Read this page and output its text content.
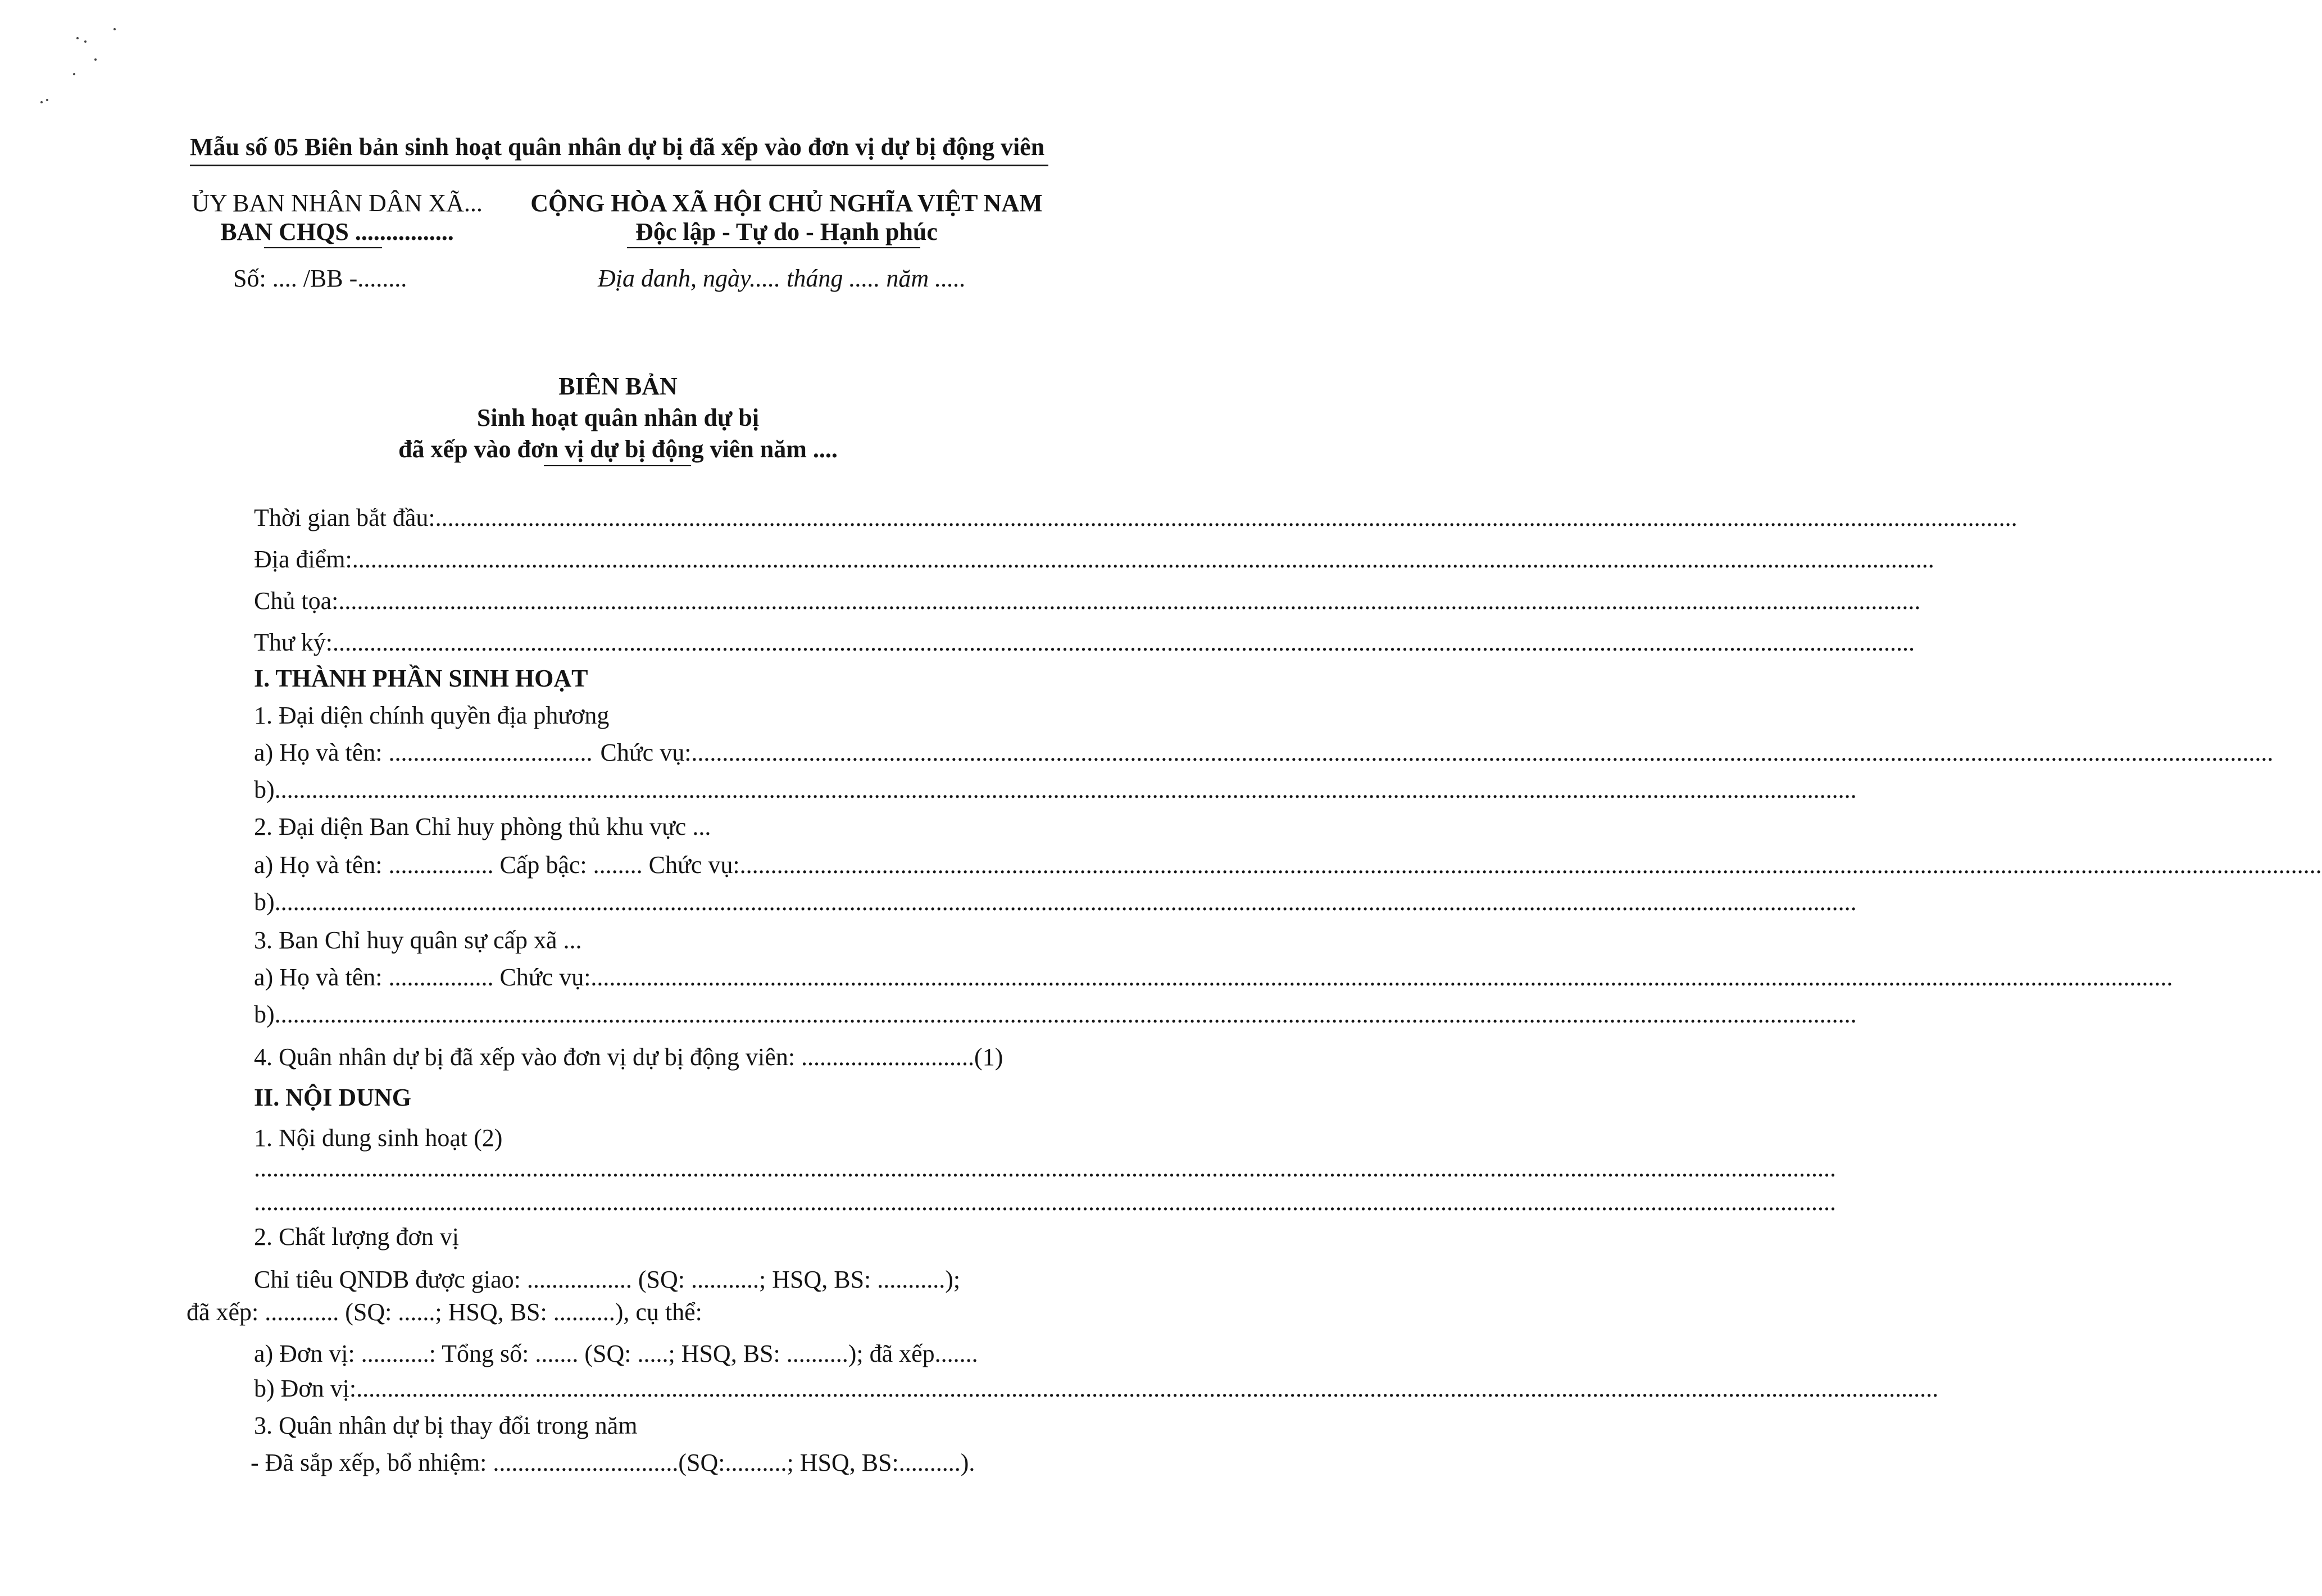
Mẫu số 05 Biên bản sinh hoạt quân nhân dự bị đã xếp vào đơn vị dự bị động viên
ỦY BAN NHÂN DÂN XÃ...
BAN CHQS ................
Số: .... /BB -........
CỘNG HÒA XÃ HỘI CHỦ NGHĨA VIỆT NAM
Độc lập - Tự do - Hạnh phúc
Địa danh, ngày..... tháng ..... năm .....
BIÊN BẢN
Sinh hoạt quân nhân dự bị
đã xếp vào đơn vị dự bị động viên năm ....
Thời gian bắt đầu: ................................................................................................................................................................................................................................................................
Địa điểm: ................................................................................................................................................................................................................................................................
Chủ tọa: ................................................................................................................................................................................................................................................................
Thư ký: ................................................................................................................................................................................................................................................................
I. THÀNH PHẦN SINH HOẠT
1. Đại diện chính quyền địa phương
a) Họ và tên: ................................. Chức vụ: ................................................................................................................................................................................................................................................................
b) ................................................................................................................................................................................................................................................................
2. Đại diện Ban Chỉ huy phòng thủ khu vực ...
a) Họ và tên: ................. Cấp bậc: ........ Chức vụ: ................................................................................................................................................................................................................................................................
b) ................................................................................................................................................................................................................................................................
3. Ban Chỉ huy quân sự cấp xã ...
a) Họ và tên: ................. Chức vụ: ................................................................................................................................................................................................................................................................
b) ................................................................................................................................................................................................................................................................
4. Quân nhân dự bị đã xếp vào đơn vị dự bị động viên: ............................(1)
II. NỘI DUNG
1. Nội dung sinh hoạt (2)
................................................................................................................................................................................................................................................................
................................................................................................................................................................................................................................................................
2. Chất lượng đơn vị
Chỉ tiêu QNDB được giao: ................. (SQ: ...........; HSQ, BS: ...........);
đã xếp: ............ (SQ: ......; HSQ, BS: ..........), cụ thể:
a) Đơn vị: ...........: Tổng số: ....... (SQ: .....; HSQ, BS: ..........); đã xếp.......
b) Đơn vị: ................................................................................................................................................................................................................................................................
3. Quân nhân dự bị thay đổi trong năm
- Đã sắp xếp, bổ nhiệm: ..............................(SQ:..........; HSQ, BS:..........).
